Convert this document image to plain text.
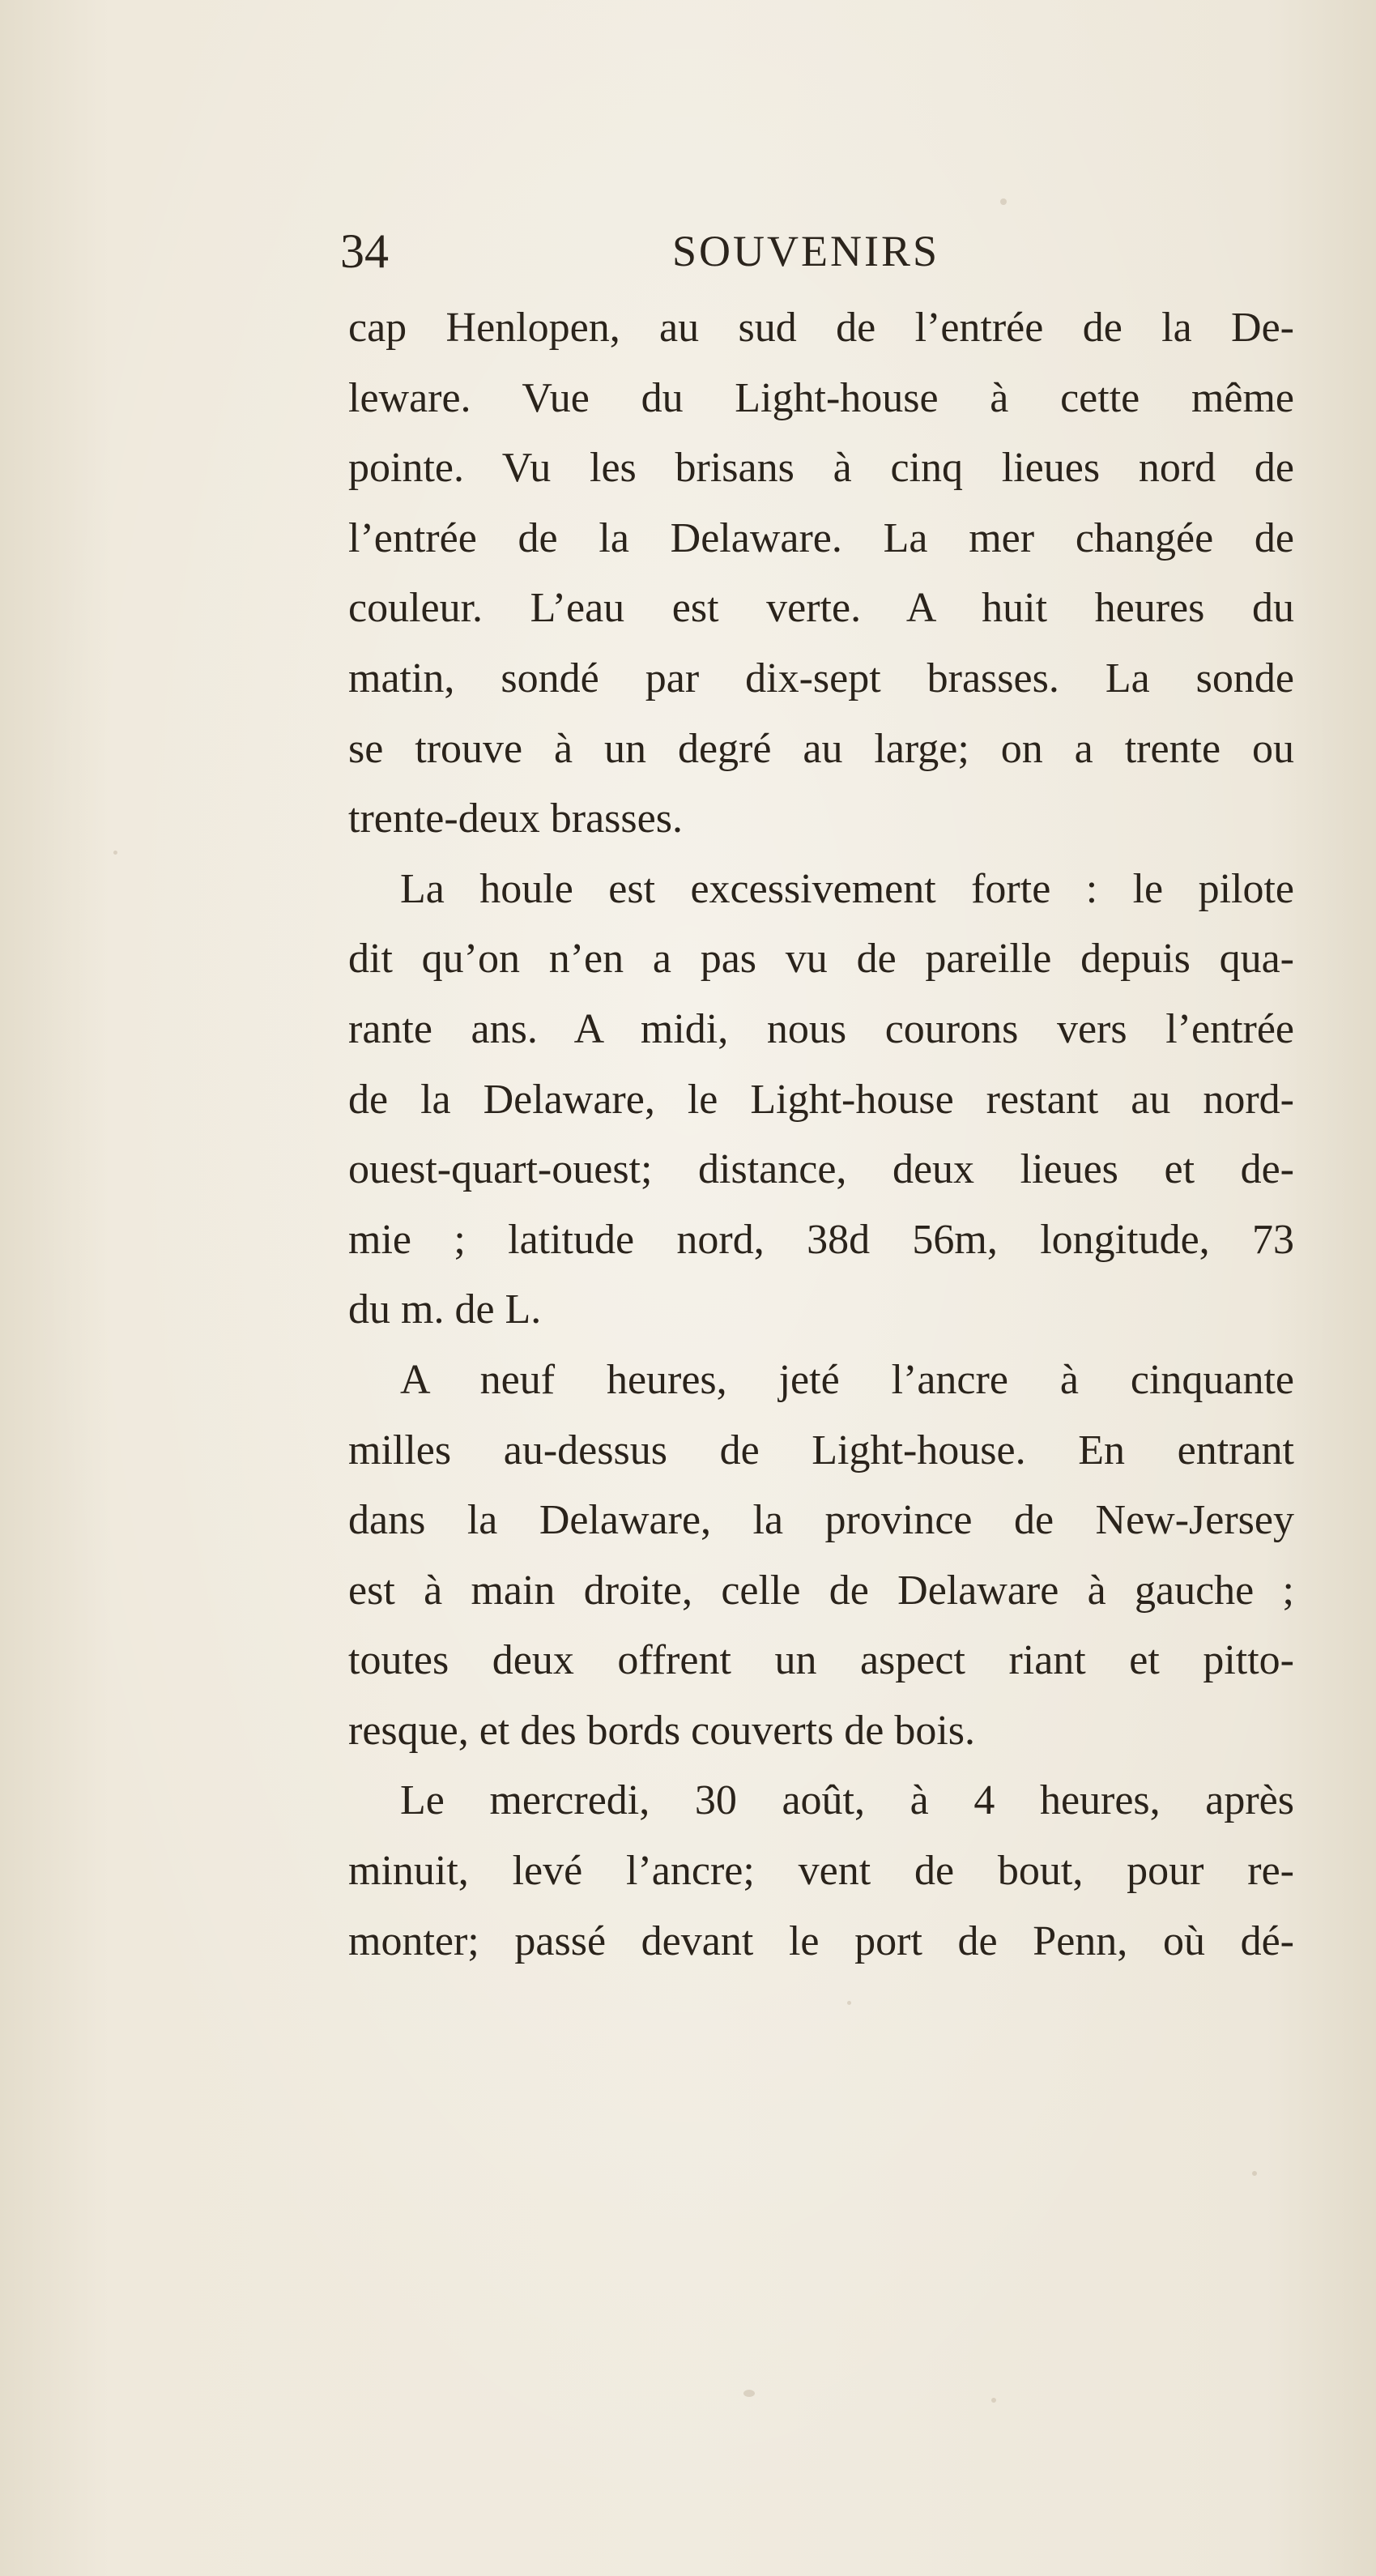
34	SOUVENIRS
cap Henlopen, au sud de l’entrée de la De-
leware. Vue du Light-house à cette même
pointe. Vu les brisans à cinq lieues nord de
l’entrée de la Delaware. La mer changée de
couleur. L’eau est verte. A huit heures du
matin, sondé par dix-sept brasses. La sonde
se trouve à un degré au large; on a trente ou
trente-deux brasses.
La houle est excessivement forte : le pilote
dit qu’on n’en a pas vu de pareille depuis qua-
rante ans. A midi, nous courons vers l’entrée
de la Delaware, le Light-house restant au nord-
ouest-quart-ouest; distance, deux lieues et de-
mie ; latitude nord, 38d 56m, longitude, 73
du m. de L.
A neuf heures, jeté l’ancre à cinquante
milles au-dessus de Light-house. En entrant
dans la Delaware, la province de New-Jersey
est à main droite, celle de Delaware à gauche ;
toutes deux offrent un aspect riant et pitto-
resque, et des bords couverts de bois.
Le mercredi, 30 août, à 4 heures, après
minuit, levé l’ancre; vent de bout, pour re-
monter; passé devant le port de Penn, où dé-
